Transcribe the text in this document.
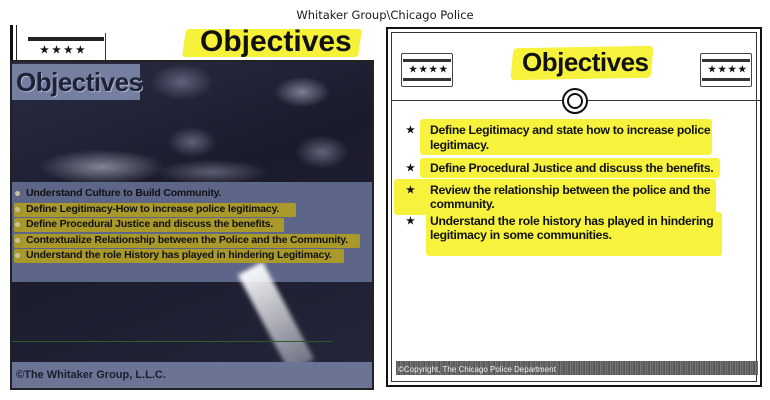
Whitaker Group\Chicago Police
★★★★	Objectives
Objectives
Understand Culture to Build Community.
Define Legitimacy-How to increase police legitimacy.
Define Procedural Justice and discuss the benefits.
Contextualize Relationship between the Police and the Community.
Understand the role History has played in hindering Legitimacy.
©The Whitaker Group, L.L.C.
★★★★	Objectives	★★★★
★ Define Legitimacy and state how to increase police legitimacy.
★ Define Procedural Justice and discuss the benefits.
★ Review the relationship between the police and the community.
★ Understand the role history has played in hindering legitimacy in some communities.
©Copyright, The Chicago Police Department
